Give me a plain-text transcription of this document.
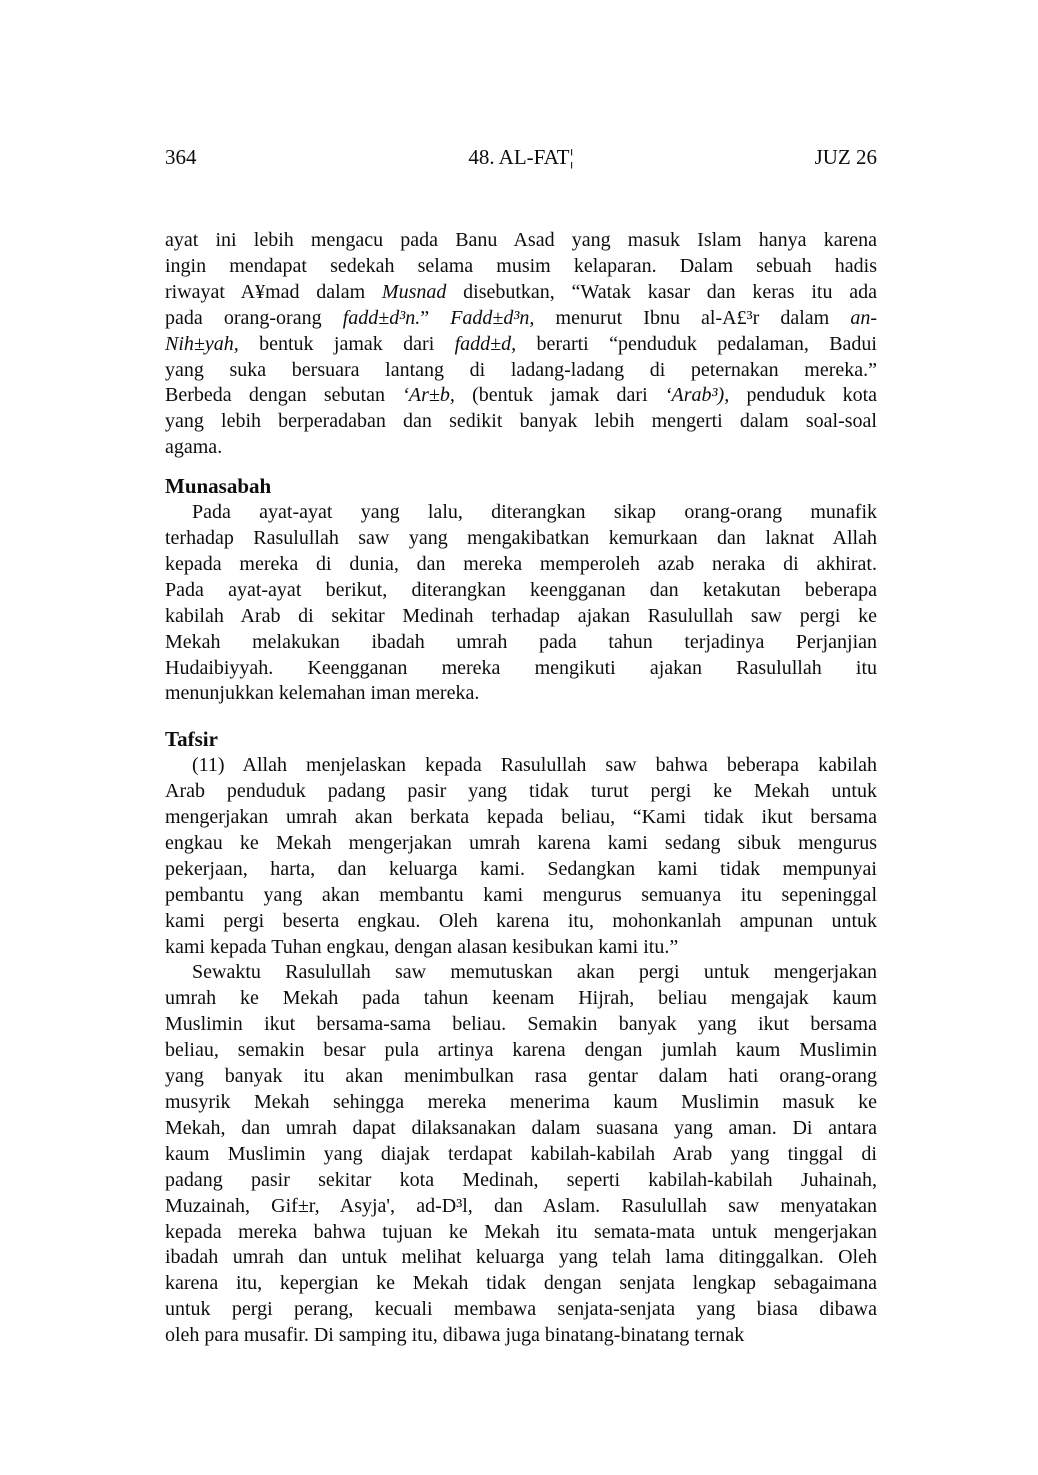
364	48. AL-FAT¦	JUZ 26
ayat ini lebih mengacu pada Banu Asad yang masuk Islam hanya karena
ingin mendapat sedekah selama musim kelaparan. Dalam sebuah hadis
riwayat A¥mad dalam Musnad disebutkan, “Watak kasar dan keras itu ada
pada orang-orang fadd±d³n.” Fadd±d³n, menurut Ibnu al-A£³r dalam an-
Nih±yah, bentuk jamak dari fadd±d, berarti “penduduk pedalaman, Badui
yang suka bersuara lantang di ladang-ladang di peternakan mereka.”
Berbeda dengan sebutan ‘Ar±b, (bentuk jamak dari ‘Arab³), penduduk kota
yang lebih berperadaban dan sedikit banyak lebih mengerti dalam soal-soal
agama.
Munasabah
Pada ayat-ayat yang lalu, diterangkan sikap orang-orang munafik
terhadap Rasulullah saw yang mengakibatkan kemurkaan dan laknat Allah
kepada mereka di dunia, dan mereka memperoleh azab neraka di akhirat.
Pada ayat-ayat berikut, diterangkan keengganan dan ketakutan beberapa
kabilah Arab di sekitar Medinah terhadap ajakan Rasulullah saw pergi ke
Mekah melakukan ibadah umrah pada tahun terjadinya Perjanjian
Hudaibiyyah. Keengganan mereka mengikuti ajakan Rasulullah itu
menunjukkan kelemahan iman mereka.
Tafsir
(11) Allah menjelaskan kepada Rasulullah saw bahwa beberapa kabilah
Arab penduduk padang pasir yang tidak turut pergi ke Mekah untuk
mengerjakan umrah akan berkata kepada beliau, “Kami tidak ikut bersama
engkau ke Mekah mengerjakan umrah karena kami sedang sibuk mengurus
pekerjaan, harta, dan keluarga kami. Sedangkan kami tidak mempunyai
pembantu yang akan membantu kami mengurus semuanya itu sepeninggal
kami pergi beserta engkau. Oleh karena itu, mohonkanlah ampunan untuk
kami kepada Tuhan engkau, dengan alasan kesibukan kami itu.”
Sewaktu Rasulullah saw memutuskan akan pergi untuk mengerjakan
umrah ke Mekah pada tahun keenam Hijrah, beliau mengajak kaum
Muslimin ikut bersama-sama beliau. Semakin banyak yang ikut bersama
beliau, semakin besar pula artinya karena dengan jumlah kaum Muslimin
yang banyak itu akan menimbulkan rasa gentar dalam hati orang-orang
musyrik Mekah sehingga mereka menerima kaum Muslimin masuk ke
Mekah, dan umrah dapat dilaksanakan dalam suasana yang aman. Di antara
kaum Muslimin yang diajak terdapat kabilah-kabilah Arab yang tinggal di
padang pasir sekitar kota Medinah, seperti kabilah-kabilah Juhainah,
Muzainah, Gif±r, Asyja', ad-D³l, dan Aslam. Rasulullah saw menyatakan
kepada mereka bahwa tujuan ke Mekah itu semata-mata untuk mengerjakan
ibadah umrah dan untuk melihat keluarga yang telah lama ditinggalkan. Oleh
karena itu, kepergian ke Mekah tidak dengan senjata lengkap sebagaimana
untuk pergi perang, kecuali membawa senjata-senjata yang biasa dibawa
oleh para musafir. Di samping itu, dibawa juga binatang-binatang ternak
